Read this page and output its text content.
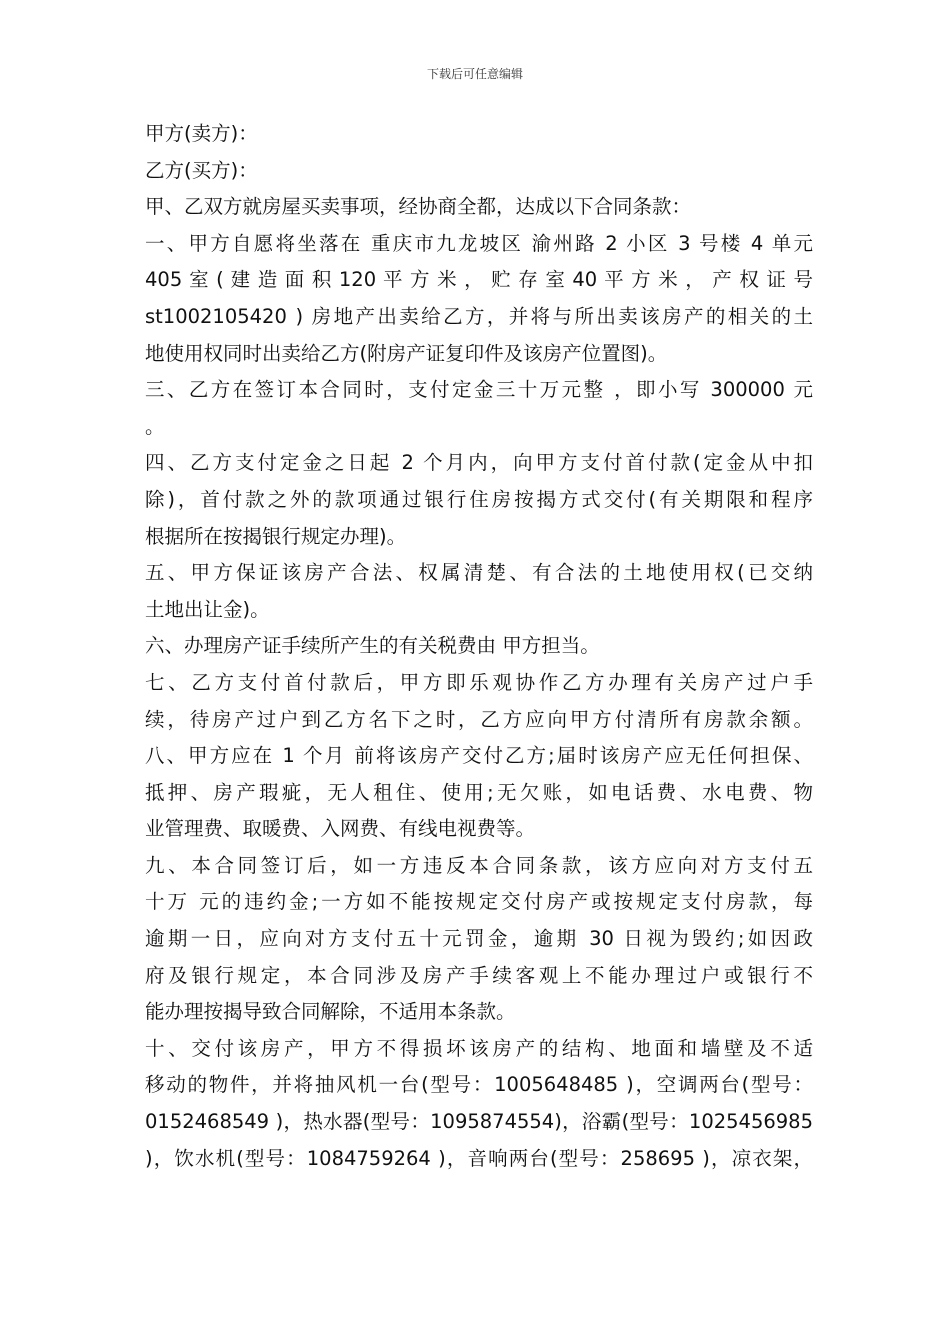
下载后可任意编辑
甲方(卖方)：
乙方(买方)：
甲、乙双方就房屋买卖事项，经协商全都，达成以下合同条款：
一、甲方自愿将坐落在 重庆市九龙坡区 渝州路 2 小区 3 号楼 4 单元
405 室 ( 建 造 面 积 120 平 方 米 ， 贮 存 室 40 平 方 米 ， 产 权 证 号
st1002105420 ) 房地产出卖给乙方，并将与所出卖该房产的相关的土
地使用权同时出卖给乙方(附房产证复印件及该房产位置图)。
三、乙方在签订本合同时，支付定金三十万元整 ，即小写 300000 元
。
四、乙方支付定金之日起 2 个月内，向甲方支付首付款(定金从中扣
除)，首付款之外的款项通过银行住房按揭方式交付(有关期限和程序
根据所在按揭银行规定办理)。
五、甲方保证该房产合法、权属清楚、有合法的土地使用权(已交纳
土地出让金)。
六、办理房产证手续所产生的有关税费由 甲方担当。
七、乙方支付首付款后，甲方即乐观协作乙方办理有关房产过户手
续，待房产过户到乙方名下之时，乙方应向甲方付清所有房款余额。
八、甲方应在 1 个月 前将该房产交付乙方;届时该房产应无任何担保、
抵押、房产瑕疵，无人租住、使用;无欠账，如电话费、水电费、物
业管理费、取暖费、入网费、有线电视费等。
九、本合同签订后，如一方违反本合同条款，该方应向对方支付五
十万 元的违约金;一方如不能按规定交付房产或按规定支付房款，每
逾期一日，应向对方支付五十元罚金，逾期 30 日视为毁约;如因政
府及银行规定，本合同涉及房产手续客观上不能办理过户或银行不
能办理按揭导致合同解除，不适用本条款。
十、交付该房产，甲方不得损坏该房产的结构、地面和墙壁及不适
移动的物件，并将抽风机一台(型号：1005648485 )，空调两台(型号：
0152468549 )，热水器(型号：1095874554)，浴霸(型号：1025456985
)，饮水机(型号：1084759264 )，音响两台(型号：258695 )，凉衣架，
